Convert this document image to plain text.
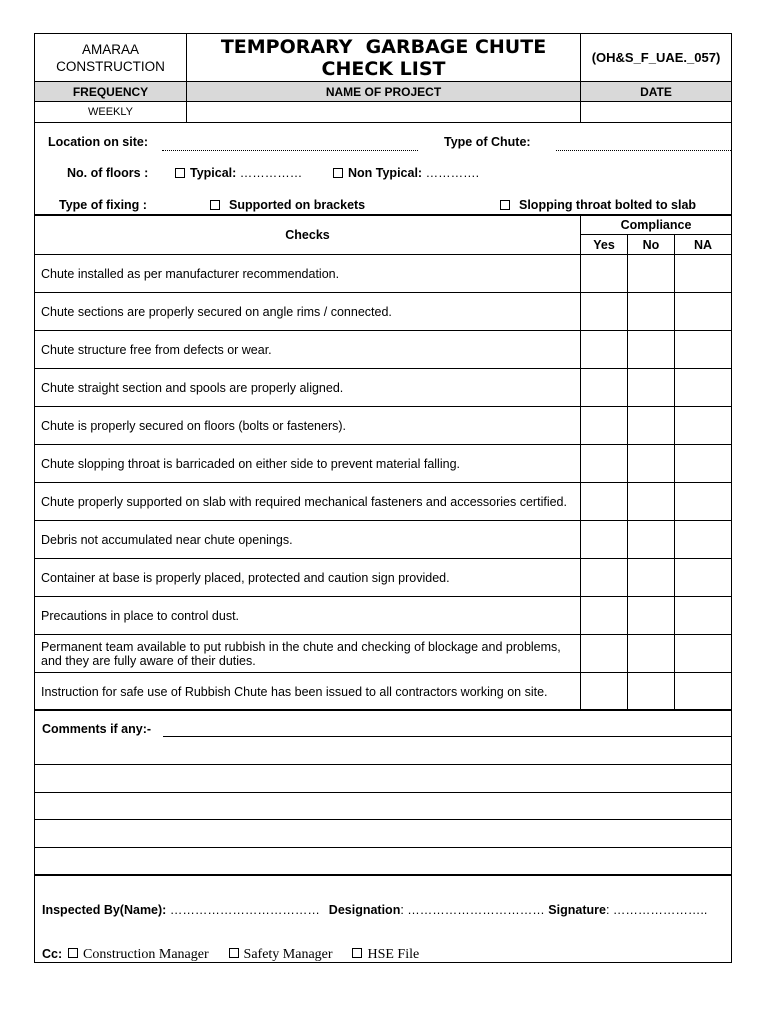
AMARAA CONSTRUCTION
TEMPORARY  GARBAGE CHUTE
CHECK LIST	(OH&S_F_UAE._057)
FREQUENCY	NAME OF PROJECT	DATE
WEEKLY
Location on site:	Type of Chute:
No. of floors :	Typical: ……………	Non Typical: ………….
Type of fixing :	Supported on brackets	Slopping throat bolted to slab
Checks
Compliance
Yes No	NA
Chute installed as per manufacturer recommendation.
Chute sections are properly secured on angle rims / connected.
Chute structure free from defects or wear.
Chute straight section and spools are properly aligned.
Chute is properly secured on floors (bolts or fasteners).
Chute slopping throat is barricaded on either side to prevent material falling.
Chute properly supported on slab with required mechanical fasteners and accessories certified.
Debris not accumulated near chute openings.
Container at base is properly placed, protected and caution sign provided.
Precautions in place to control dust.
Permanent team available to put rubbish in the chute and checking of blockage and problems, and they are fully aware of their duties.
Instruction for safe use of Rubbish Chute has been issued to all contractors working on site.
Comments if any:-
Inspected By(Name): ……………………………… Designation: …………………………… Signature: …………………..
Cc: Construction Manager Safety Manager HSE File
